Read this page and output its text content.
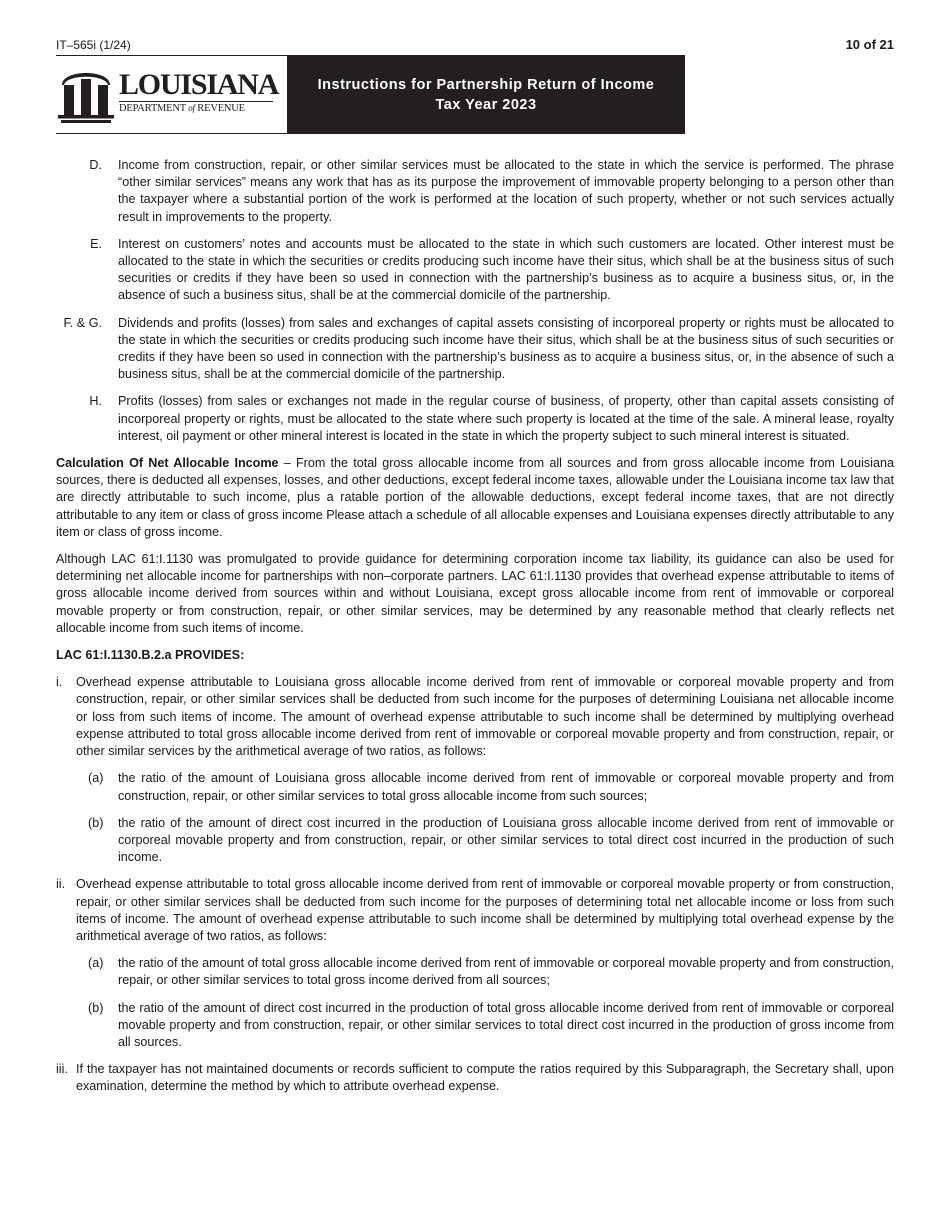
IT–565i (1/24)	10 of 21
LOUISIANA
DEPARTMENT of REVENUE
Instructions for Partnership Return of Income
Tax Year 2023
D. Income from construction, repair, or other similar services must be allocated to the state in which the service is performed. The phrase “other similar services” means any work that has as its purpose the improvement of immovable property belonging to a person other than the taxpayer where a substantial portion of the work is performed at the location of such property, whether or not such services actually result in improvements to the property.
E. Interest on customers’ notes and accounts must be allocated to the state in which such customers are located. Other interest must be allocated to the state in which the securities or credits producing such income have their situs, which shall be at the business situs of such securities or credits if they have been so used in connection with the partnership’s business as to acquire a business situs, or, in the absence of such a business situs, shall be at the commercial domicile of the partnership.
F. & G. Dividends and profits (losses) from sales and exchanges of capital assets consisting of incorporeal property or rights must be allocated to the state in which the securities or credits producing such income have their situs, which shall be at the business situs of such securities or credits if they have been so used in connection with the partnership’s business as to acquire a business situs, or, in the absence of such a business situs, shall be at the commercial domicile of the partnership.
H. Profits (losses) from sales or exchanges not made in the regular course of business, of property, other than capital assets consisting of incorporeal property or rights, must be allocated to the state where such property is located at the time of the sale. A mineral lease, royalty interest, oil payment or other mineral interest is located in the state in which the property subject to such mineral interest is situated.

Calculation Of Net Allocable Income – From the total gross allocable income from all sources and from gross allocable income from Louisiana sources, there is deducted all expenses, losses, and other deductions, except federal income taxes, allowable under the Louisiana income tax law that are directly attributable to such income, plus a ratable portion of the allowable deductions, except federal income taxes, that are not directly attributable to any item or class of gross income Please attach a schedule of all allocable expenses and Louisiana expenses directly attributable to any item or class of gross income.

Although LAC 61:I.1130 was promulgated to provide guidance for determining corporation income tax liability, its guidance can also be used for determining net allocable income for partnerships with non–corporate partners. LAC 61:I.1130 provides that overhead expense attributable to items of gross allocable income derived from sources within and without Louisiana, except gross allocable income from rent of immovable or corporeal movable property or from construction, repair, or other similar services, may be determined by any reasonable method that clearly reflects net allocable income from such items of income.

LAC 61:I.1130.B.2.a PROVIDES:
i. Overhead expense attributable to Louisiana gross allocable income derived from rent of immovable or corporeal movable property and from construction, repair, or other similar services shall be deducted from such income for the purposes of determining Louisiana net allocable income or loss from such items of income. The amount of overhead expense attributable to such income shall be determined by multiplying overhead expense attributed to total gross allocable income derived from rent of immovable or corporeal movable property and from construction, repair, or other similar services by the arithmetical average of two ratios, as follows:
(a) the ratio of the amount of Louisiana gross allocable income derived from rent of immovable or corporeal movable property and from construction, repair, or other similar services to total gross allocable income from such sources;
(b) the ratio of the amount of direct cost incurred in the production of Louisiana gross allocable income derived from rent of immovable or corporeal movable property and from construction, repair, or other similar services to total direct cost incurred in the production of such income.
ii. Overhead expense attributable to total gross allocable income derived from rent of immovable or corporeal movable property or from construction, repair, or other similar services shall be deducted from such income for the purposes of determining total net allocable income or loss from such items of income. The amount of overhead expense attributable to such income shall be determined by multiplying total overhead expense by the arithmetical average of two ratios, as follows:
(a) the ratio of the amount of total gross allocable income derived from rent of immovable or corporeal movable property and from construction, repair, or other similar services to total gross income derived from all sources;
(b) the ratio of the amount of direct cost incurred in the production of total gross allocable income derived from rent of immovable or corporeal movable property and from construction, repair, or other similar services to total direct cost incurred in the production of gross income from all sources.
iii. If the taxpayer has not maintained documents or records sufficient to compute the ratios required by this Subparagraph, the Secretary shall, upon examination, determine the method by which to attribute overhead expense.
